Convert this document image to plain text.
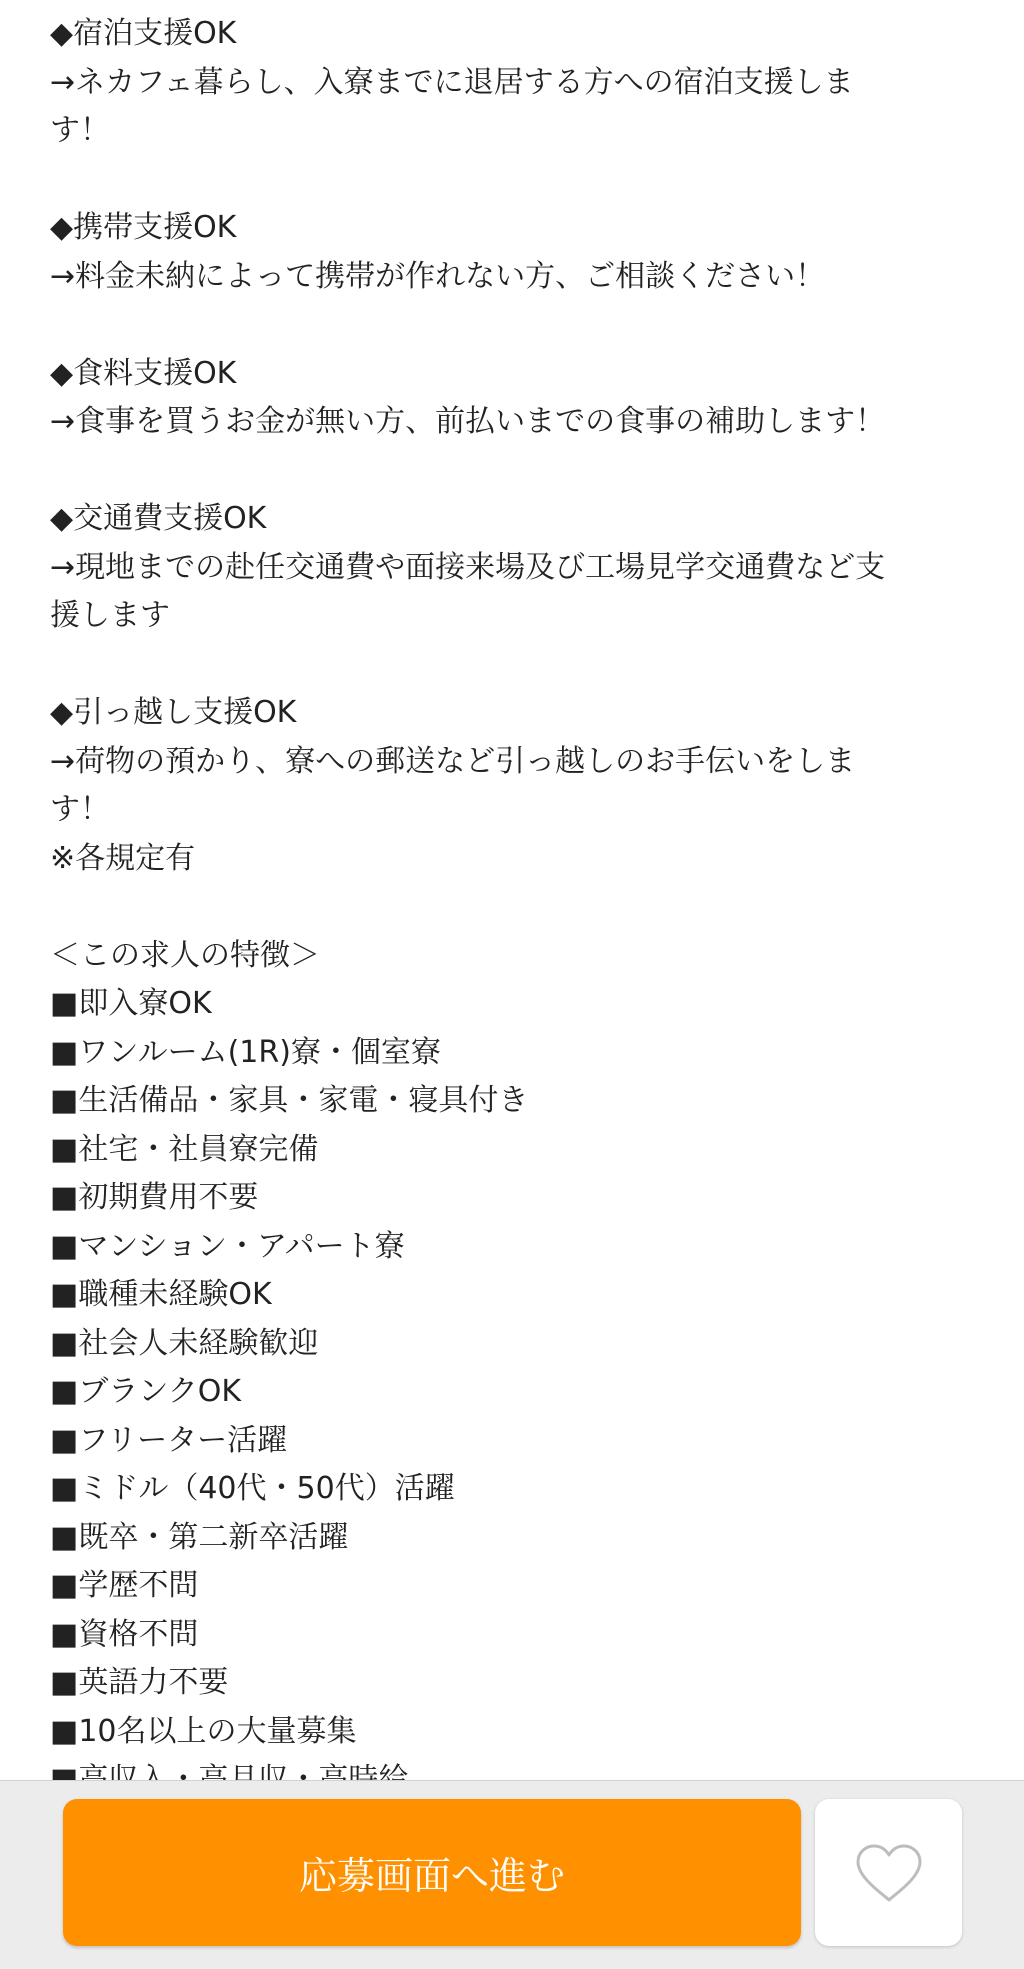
◆宿泊支援OK
→ネカフェ暮らし、入寮までに退居する方への宿泊支援しま
す！
◆携帯支援OK
→料金未納によって携帯が作れない方、ご相談ください！
◆食料支援OK
→食事を買うお金が無い方、前払いまでの食事の補助します！
◆交通費支援OK
→現地までの赴任交通費や面接来場及び工場見学交通費など支
援します
◆引っ越し支援OK
→荷物の預かり、寮への郵送など引っ越しのお手伝いをしま
す！
※各規定有
＜この求人の特徴＞
■即入寮OK
■ワンルーム(1R)寮・個室寮
■生活備品・家具・家電・寝具付き
■社宅・社員寮完備
■初期費用不要
■マンション・アパート寮
■職種未経験OK
■社会人未経験歓迎
■ブランクOK
■フリーター活躍
■ミドル（40代・50代）活躍
■既卒・第二新卒活躍
■学歴不問
■資格不問
■英語力不要
■10名以上の大量募集
応募画面へ進む
